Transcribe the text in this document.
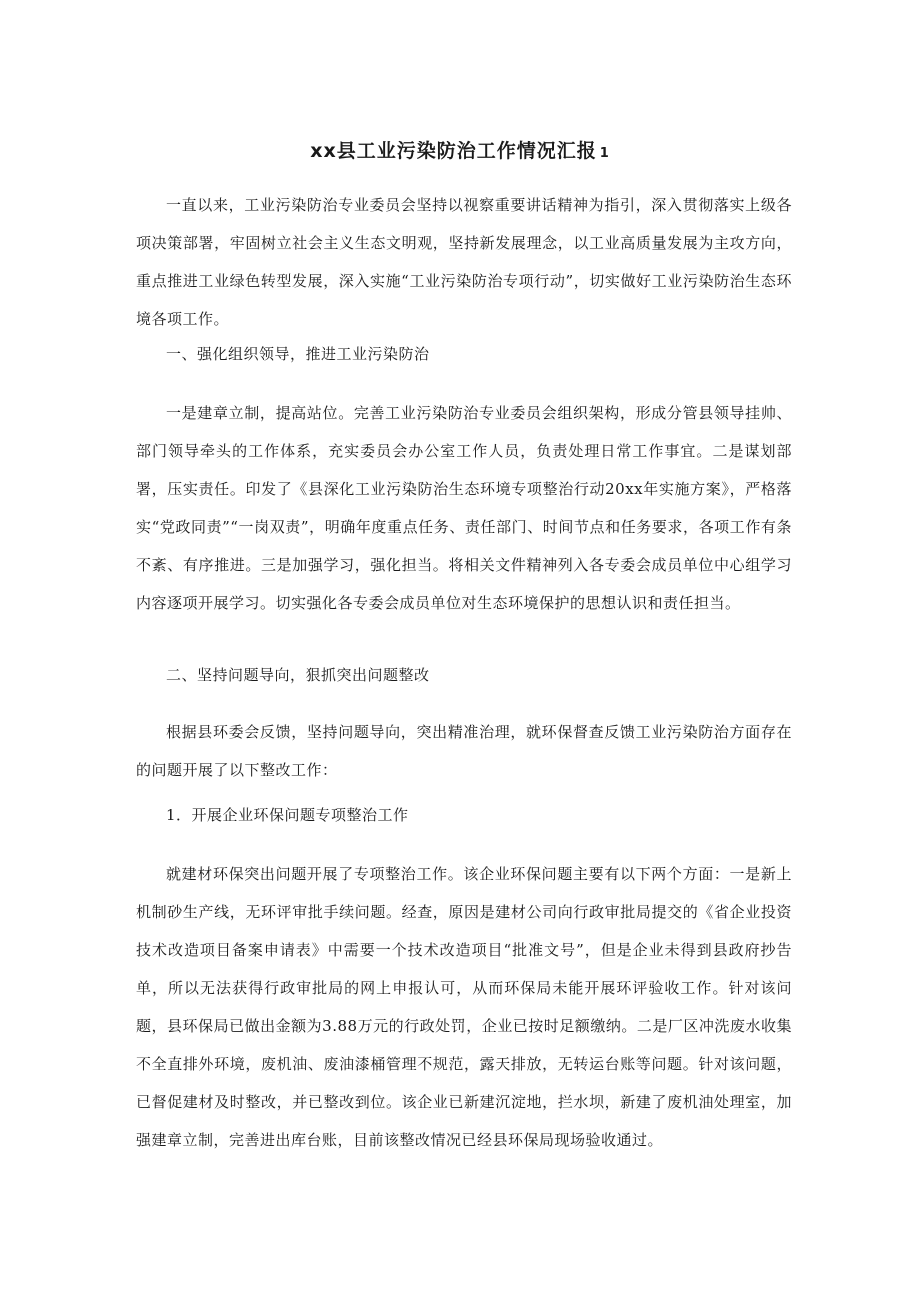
xx县工业污染防治工作情况汇报 1

一直以来，工业污染防治专业委员会坚持以视察重要讲话精神为指引，深入贯彻落实上级各项决策部署，牢固树立社会主义生态文明观，坚持新发展理念，以工业高质量发展为主攻方向，重点推进工业绿色转型发展，深入实施“工业污染防治专项行动”，切实做好工业污染防治生态环境各项工作。

一、强化组织领导，推进工业污染防治

一是建章立制，提高站位。完善工业污染防治专业委员会组织架构，形成分管县领导挂帅、部门领导牵头的工作体系，充实委员会办公室工作人员，负责处理日常工作事宜。二是谋划部署，压实责任。印发了《县深化工业污染防治生态环境专项整治行动20xx年实施方案》，严格落实“党政同责”“一岗双责”，明确年度重点任务、责任部门、时间节点和任务要求，各项工作有条不紊、有序推进。三是加强学习，强化担当。将相关文件精神列入各专委会成员单位中心组学习内容逐项开展学习。切实强化各专委会成员单位对生态环境保护的思想认识和责任担当。

二、坚持问题导向，狠抓突出问题整改

根据县环委会反馈，坚持问题导向，突出精准治理，就环保督查反馈工业污染防治方面存在的问题开展了以下整改工作：

1．开展企业环保问题专项整治工作

就建材环保突出问题开展了专项整治工作。该企业环保问题主要有以下两个方面：一是新上机制砂生产线，无环评审批手续问题。经查，原因是建材公司向行政审批局提交的《省企业投资技术改造项目备案申请表》中需要一个技术改造项目“批准文号”，但是企业未得到县政府抄告单，所以无法获得行政审批局的网上申报认可，从而环保局未能开展环评验收工作。针对该问题，县环保局已做出金额为3.88万元的行政处罚，企业已按时足额缴纳。二是厂区冲洗废水收集不全直排外环境，废机油、废油漆桶管理不规范，露天排放，无转运台账等问题。针对该问题，已督促建材及时整改，并已整改到位。该企业已新建沉淀地，拦水坝，新建了废机油处理室，加强建章立制，完善进出库台账，目前该整改情况已经县环保局现场验收通过。
